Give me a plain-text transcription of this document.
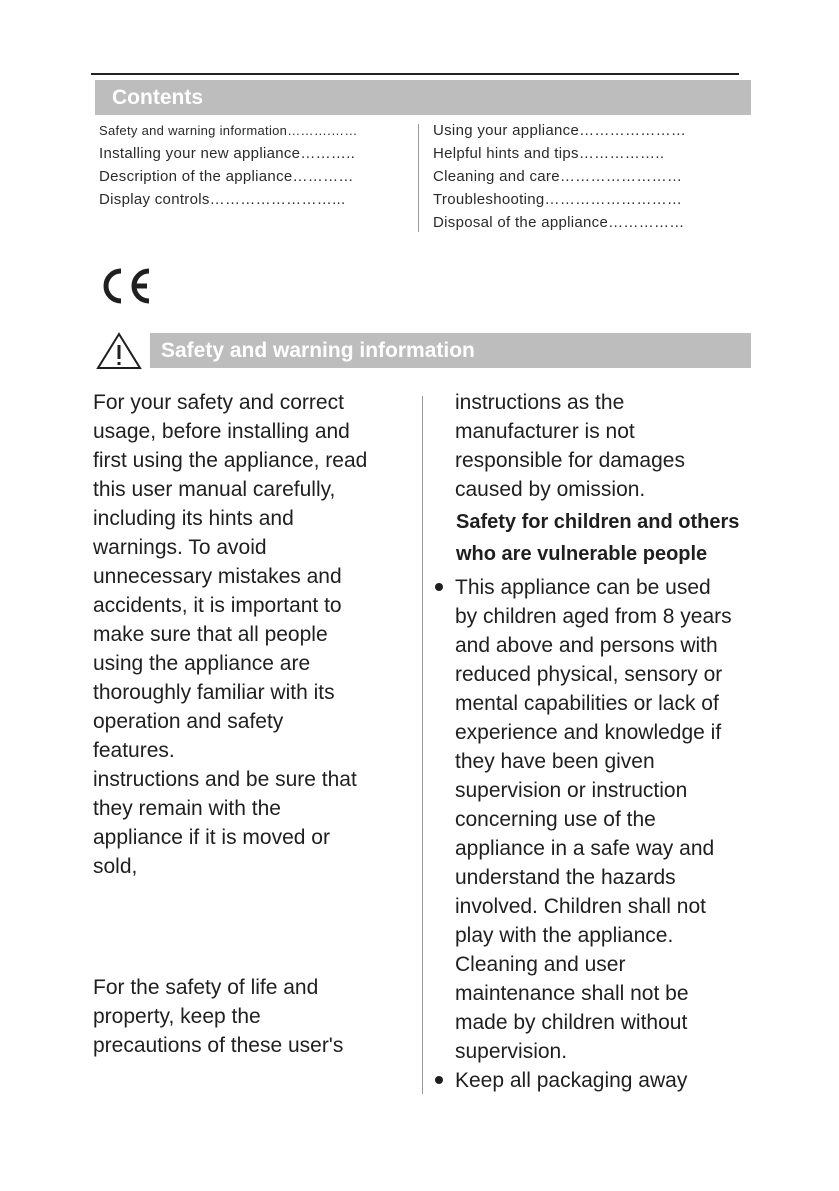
Contents
Safety and warning information……….……
Installing your new appliance………..
Description of the appliance…………
Display controls……………………...
Using your appliance…………………
Helpful hints and tips……………..
Cleaning and care……………………
Troubleshooting………………………
Disposal of the appliance……………
Safety and warning information

For your safety and correct

usage, before installing and

first using the appliance, read

this user manual carefully,

including its hints and

warnings. To avoid

unnecessary mistakes and

accidents, it is important to

make sure that all people

using the appliance are

thoroughly familiar with its

operation and safety

features.

instructions and be sure that

they remain with the

appliance if it is moved or

sold,

For the safety of life and

property, keep the

precautions of these user's

instructions as the

manufacturer is not

responsible for damages

caused by omission.

Safety for children and others
who are vulnerable people

This appliance can be used

by children aged from 8 years

and above and persons with

reduced physical, sensory or

mental capabilities or lack of

experience and knowledge if

they have been given

supervision or instruction

concerning use of the

appliance in a safe way and

understand the hazards

involved. Children shall not

play with the appliance.

Cleaning and user

maintenance shall not be

made by children without

supervision.

Keep all packaging away
